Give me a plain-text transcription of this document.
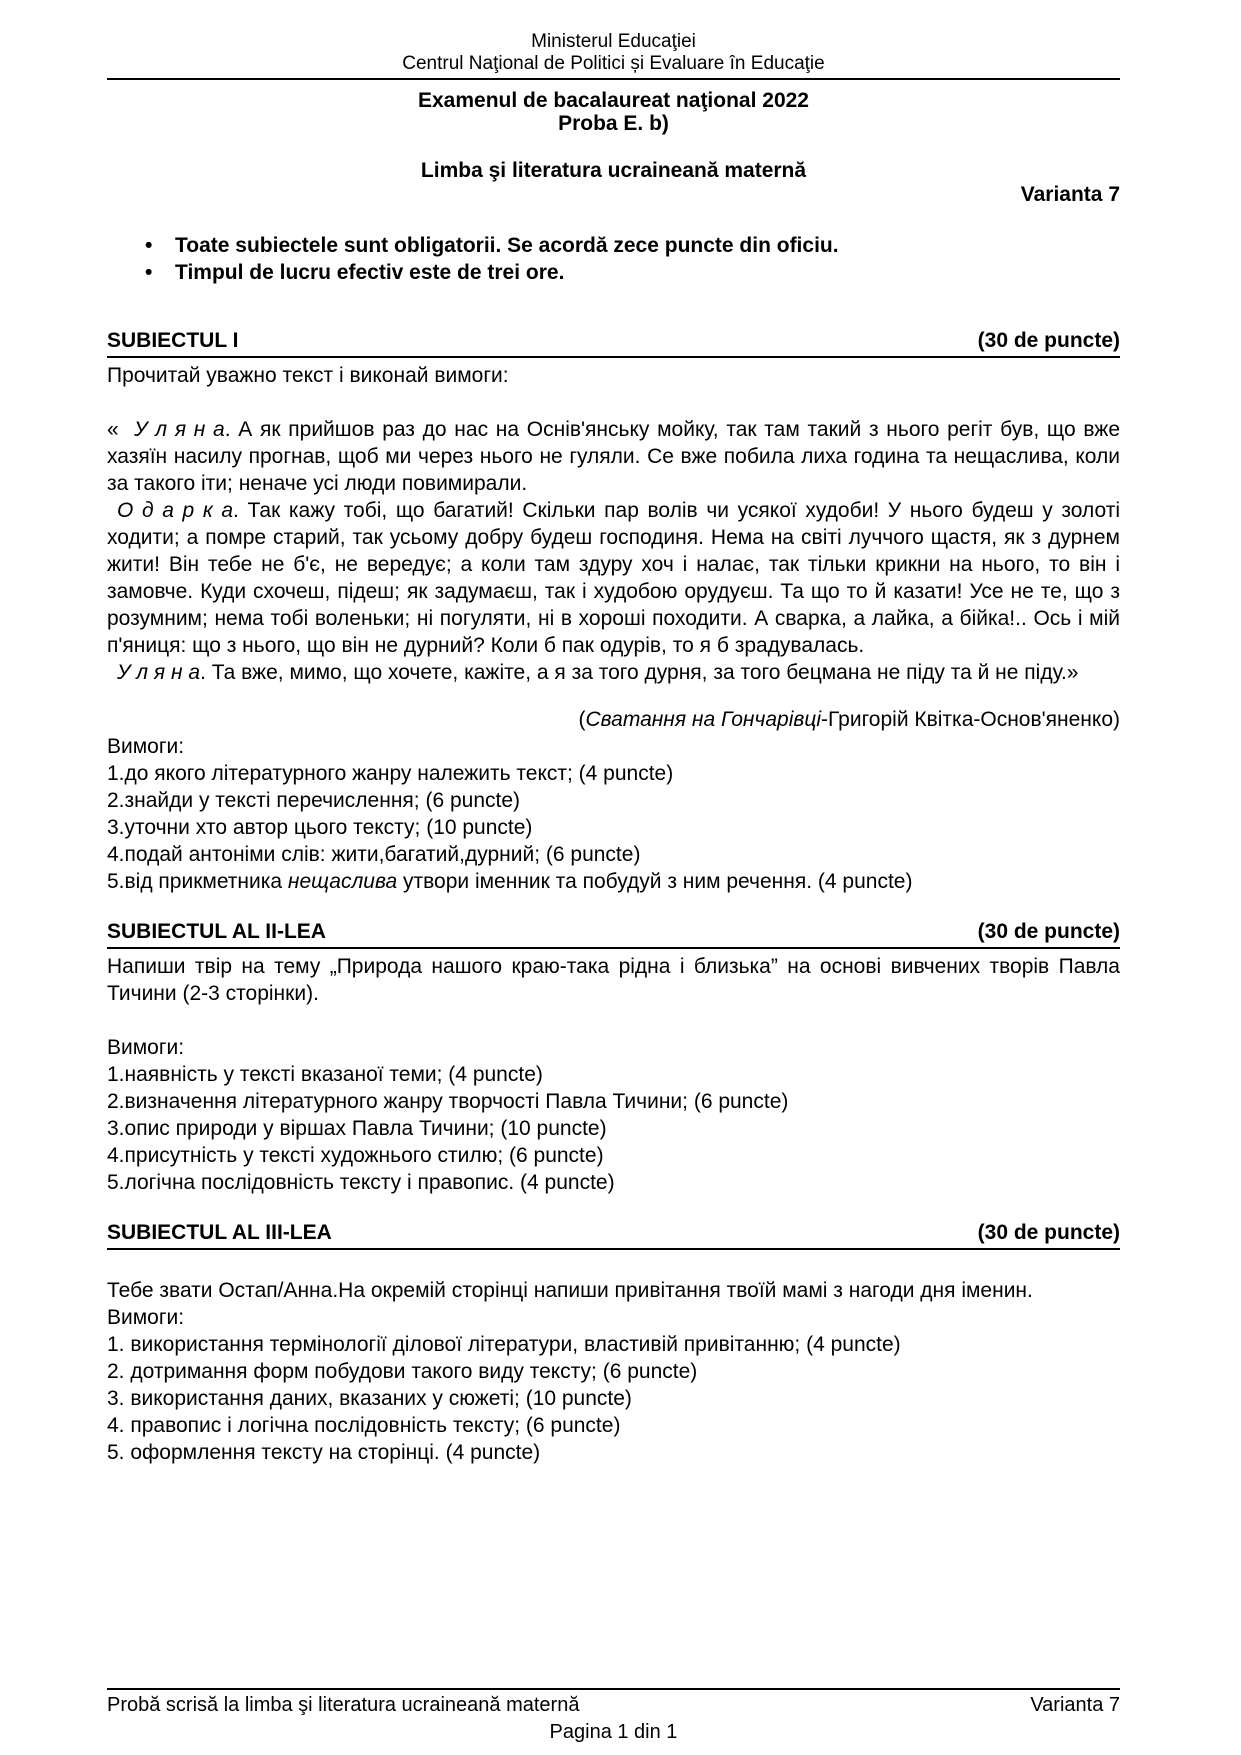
Ministerul Educaţiei
Centrul Naţional de Politici și Evaluare în Educaţie
Examenul de bacalaureat naţional 2022
Proba E. b)
Limba şi literatura ucraineană maternă
Varianta 7
•	Toate subiectele sunt obligatorii. Se acordă zece puncte din oficiu.
•	Timpul de lucru efectiv este de trei ore.
SUBIECTUL I	(30 de puncte)
Прочитай уважно текст і виконай вимоги:

«  У л я н а. А як прийшов раз до нас на Оснів'янську мойку, так там такий з нього регіт був, що вже хазяїн насилу прогнав, щоб ми через нього не гуляли. Се вже побила лиха година та нещаслива, коли за такого іти; неначе усі люди повимирали.

О д а р к а. Так кажу тобі, що багатий! Скільки пар волів чи усякої худоби! У нього будеш у золоті ходити; а помре старий, так усьому добру будеш господиня. Нема на світі луччого щастя, як з дурнем жити! Він тебе не б'є, не вередує; а коли там здуру хоч і налає, так тільки крикни на нього, то він і замовче. Куди схочеш, підеш; як задумаєш, так і худобою орудуєш. Та що то й казати! Усе не те, що з розумним; нема тобі воленьки; ні погуляти, ні в хороші походити. А сварка, а лайка, а бійка!.. Ось і мій п'яниця: що з нього, що він не дурний? Коли б пак одурів, то я б зрадувалась.

У л я н а. Та вже, мимо, що хочете, кажіте, а я за того дурня, за того бецмана не піду та й не піду.»

(Сватання на Гончарівці-Григорій Квітка-Основ'яненко)
Вимоги:
1.до якого літературного жанру належить текст; (4 puncte)
2.знайди у тексті перечислення; (6 puncte)
3.уточни хто автор цього тексту; (10 puncte)
4.подай антоніми слів: жити,багатий,дурний; (6 puncte)
5.від прикметника нещаслива утвори іменник та побудуй з ним речення. (4 puncte)
SUBIECTUL AL II-LEA	(30 de puncte)
Напиши твір на тему „Природа нашого краю-така рідна і близька” на основі вивчених творів Павла Тичини (2-3 сторінки).
Вимоги:
1.наявність у тексті вказаної теми; (4 puncte)
2.визначення літературного жанру творчості Павла Тичини; (6 puncte)
3.опис природи у віршах Павла Тичини; (10 puncte)
4.присутність у тексті художнього стилю; (6 puncte)
5.логічна послідовність тексту і правопис. (4 puncte)
SUBIECTUL AL III-LEA	(30 de puncte)
Тебе звати Остап/Анна.На окремій сторінці напиши привітання твоїй мамі з нагоди дня іменин.
Вимоги:
1. використання термінології ділової літератури, властивій привітанню; (4 puncte)
2. дотримання форм побудови такого виду тексту; (6 puncte)
3. використання даних, вказаних у сюжеті; (10 puncte)
4. правопис і логічна послідовність тексту; (6 puncte)
5. оформлення тексту на сторінці. (4 puncte)
Probă scrisă la limba şi literatura ucraineană maternă	Varianta 7
Pagina 1 din 1
